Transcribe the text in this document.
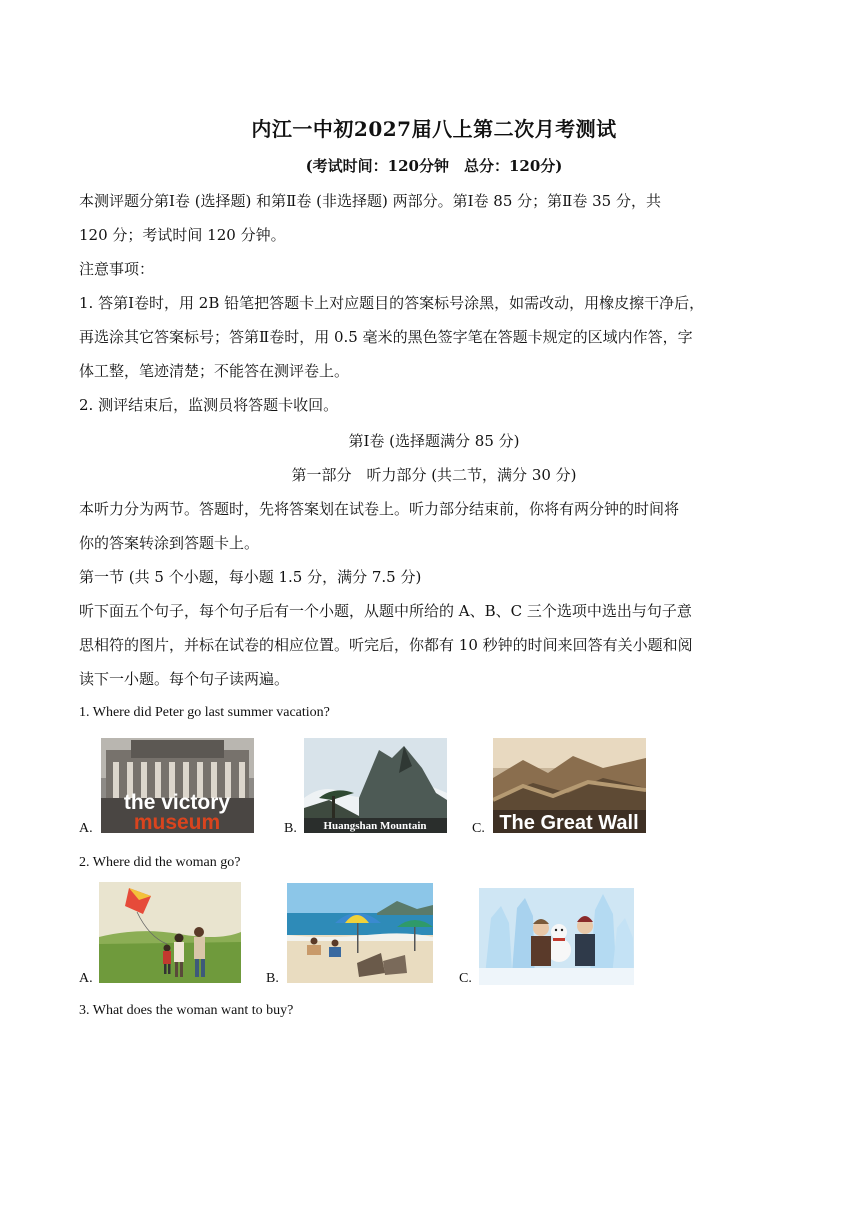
内江一中初2027届八上第二次月考测试
(考试时间：120分钟　总分：120分)
本测评题分第Ⅰ卷 (选择题) 和第Ⅱ卷 (非选择题) 两部分。第Ⅰ卷 85 分；第Ⅱ卷 35 分，共
120 分；考试时间 120 分钟。
注意事项：
1. 答第Ⅰ卷时，用 2B 铅笔把答题卡上对应题目的答案标号涂黑，如需改动，用橡皮擦干净后，
再选涂其它答案标号；答第Ⅱ卷时，用 0.5 毫米的黑色签字笔在答题卡规定的区域内作答，字
体工整，笔迹清楚；不能答在测评卷上。
2. 测评结束后，监测员将答题卡收回。
第Ⅰ卷 (选择题满分 85 分)
第一部分　听力部分 (共二节，满分 30 分)
本听力分为两节。答题时，先将答案划在试卷上。听力部分结束前，你将有两分钟的时间将
你的答案转涂到答题卡上。
第一节 (共 5 个小题，每小题 1.5 分，满分 7.5 分)
听下面五个句子，每个句子后有一个小题，从题中所给的 A、B、C 三个选项中选出与句子意
思相符的图片，并标在试卷的相应位置。听完后，你都有 10 秒钟的时间来回答有关小题和阅
读下一小题。每个句子读两遍。
1. Where did Peter go last summer vacation?
A.
the victory
museum	B. Huangshan Mountain	C. The Great Wall
2. Where did the woman go?
A.	B.	C.
3. What does the woman want to buy?
